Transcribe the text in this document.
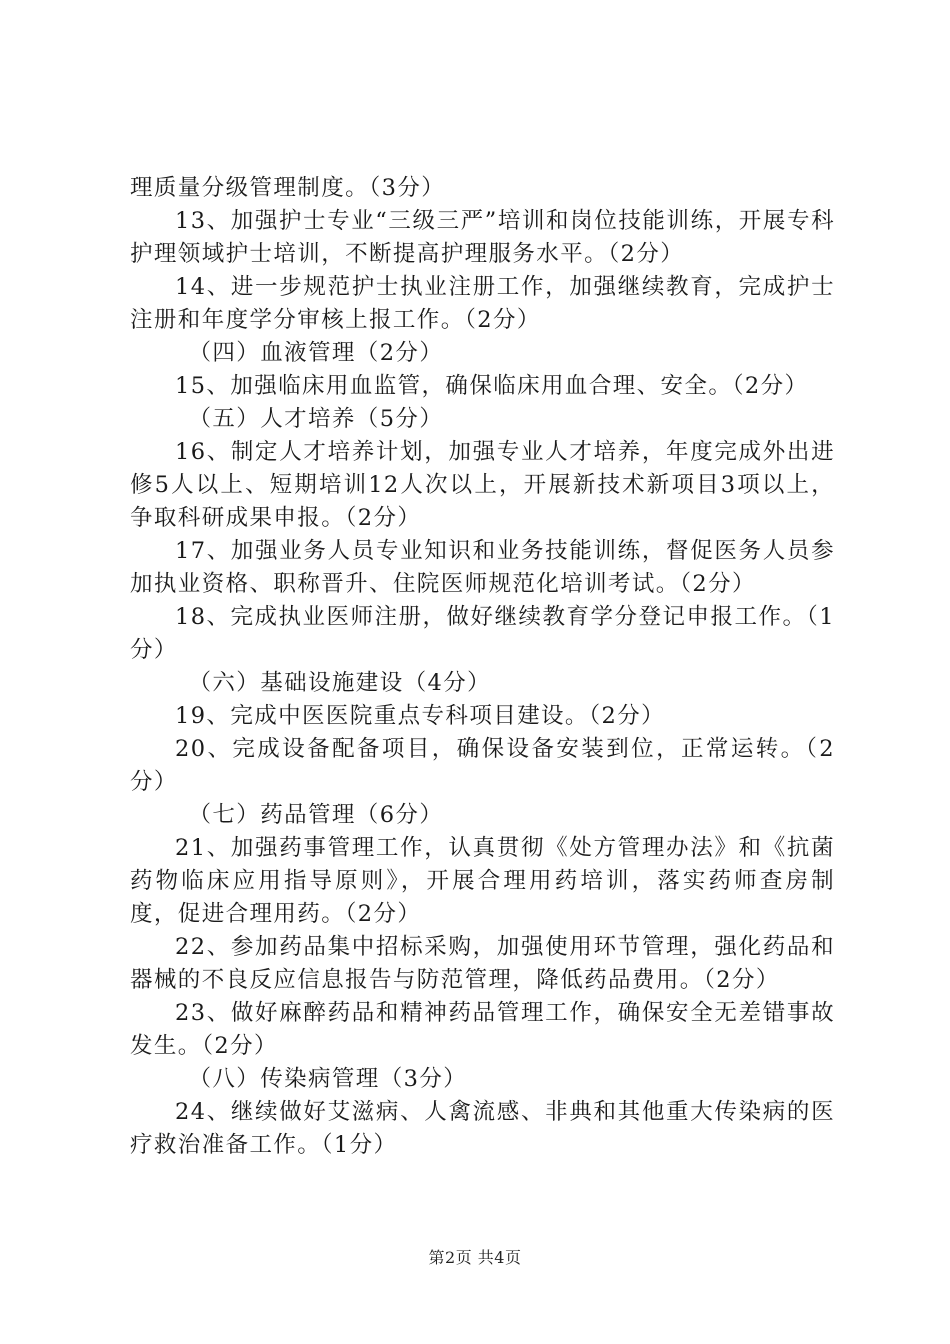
理质量分级管理制度。（3分）

13、加强护士专业“三级三严”培训和岗位技能训练，开展专科护理领域护士培训，不断提高护理服务水平。（2分）

14、进一步规范护士执业注册工作，加强继续教育，完成护士注册和年度学分审核上报工作。（2分）

（四）血液管理（2分）

15、加强临床用血监管，确保临床用血合理、安全。（2分）

（五）人才培养（5分）

16、制定人才培养计划，加强专业人才培养，年度完成外出进修5人以上、短期培训12人次以上，开展新技术新项目3项以上，争取科研成果申报。（2分）

17、加强业务人员专业知识和业务技能训练，督促医务人员参加执业资格、职称晋升、住院医师规范化培训考试。（2分）

18、完成执业医师注册，做好继续教育学分登记申报工作。（1分）

（六）基础设施建设（4分）

19、完成中医医院重点专科项目建设。（2分）

20、完成设备配备项目，确保设备安装到位，正常运转。（2分）

（七）药品管理（6分）

21、加强药事管理工作，认真贯彻《处方管理办法》和《抗菌药物临床应用指导原则》，开展合理用药培训，落实药师查房制度，促进合理用药。（2分）

22、参加药品集中招标采购，加强使用环节管理，强化药品和器械的不良反应信息报告与防范管理，降低药品费用。（2分）

23、做好麻醉药品和精神药品管理工作，确保安全无差错事故发生。（2分）

（八）传染病管理（3分）

24、继续做好艾滋病、人禽流感、非典和其他重大传染病的医疗救治准备工作。（1分）

第2页 共4页
